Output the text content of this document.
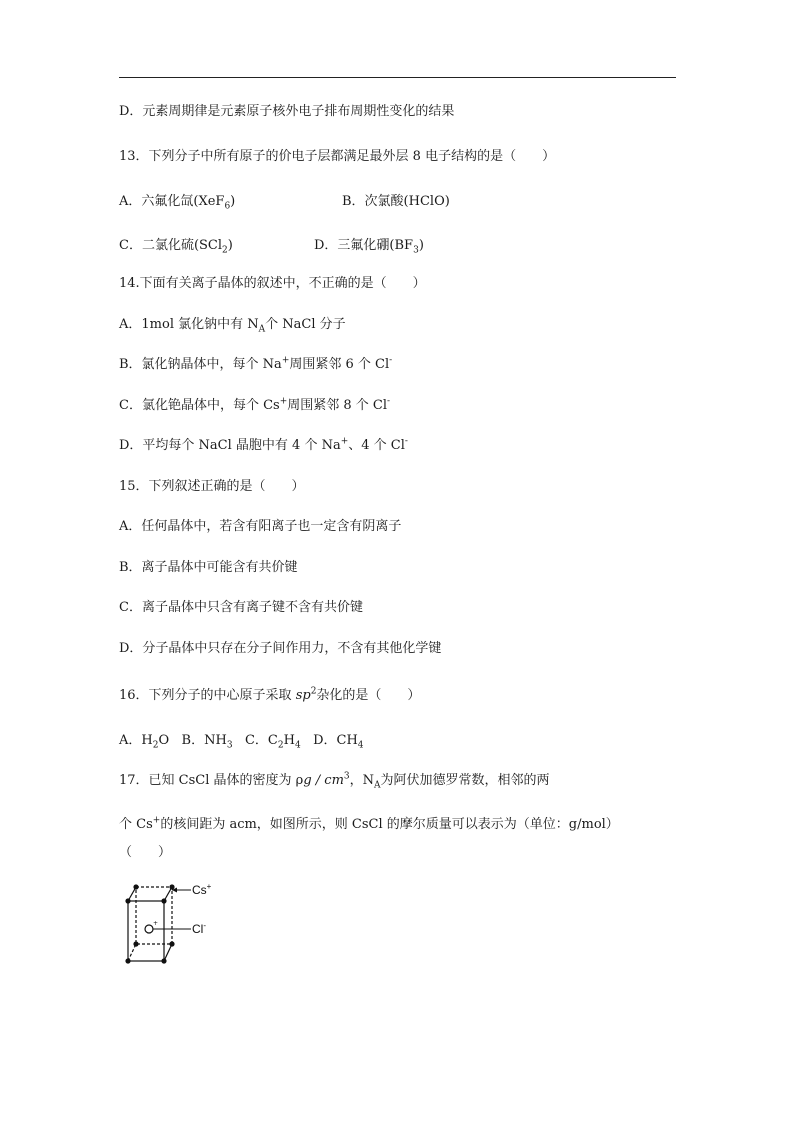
D．元素周期律是元素原子核外电子排布周期性变化的结果
13．下列分子中所有原子的价电子层都满足最外层 8 电子结构的是（　　）
A．六氟化氙(XeF$_6$)	B．次氯酸(HClO)
C．二氯化硫(SCl$_2$)	D．三氟化硼$(BF_3)$
14.下面有关离子晶体的叙述中，不正确的是（　　）
A．1mol 氯化钠中有 $N_A$个 NaCl 分子
B．氯化钠晶体中，每个 Na+周围紧邻 6 个 Cl-
C．氯化铯晶体中，每个 Cs+周围紧邻 8 个 Cl-
D．平均每个 NaCl 晶胞中有 4 个 Na+、4 个 Cl-
15．下列叙述正确的是（　　）
A．任何晶体中，若含有阳离子也一定含有阴离子
B．离子晶体中可能含有共价键
C．离子晶体中只含有离子键不含有共价键
D．分子晶体中只存在分子间作用力，不含有其他化学键
16．下列分子的中心原子采取 $sp^2$杂化的是（　　）
A．$H_2O$ B．$NH_3$ C．$C_2H_4$ D．$CH_4$
17．已知 CsCl 晶体的密度为 ρg / $cm^3$，$N_A$为阿伏加德罗常数，相邻的两
个 Cs+的核间距为 acm，如图所示，则 CsCl 的摩尔质量可以表示为（单位：g/mol）
（　　）
+
Cs+
Cl-
